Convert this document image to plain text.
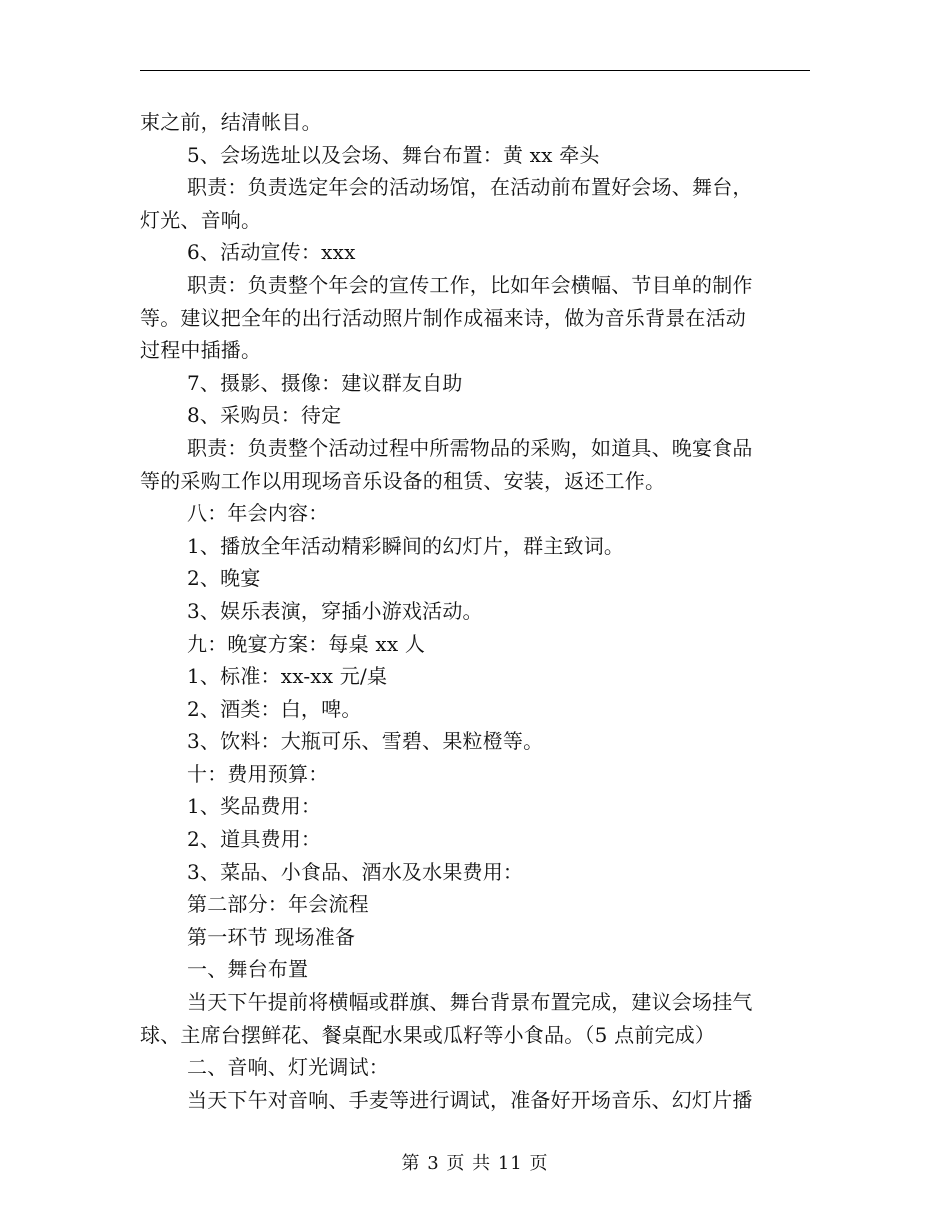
束之前，结清帐目。
5、会场选址以及会场、舞台布置：黄 xx 牵头
职责：负责选定年会的活动场馆，在活动前布置好会场、舞台，
灯光、音响。
6、活动宣传：xxx
职责：负责整个年会的宣传工作，比如年会横幅、节目单的制作
等。建议把全年的出行活动照片制作成福来诗，做为音乐背景在活动
过程中插播。
7、摄影、摄像：建议群友自助
8、采购员：待定
职责：负责整个活动过程中所需物品的采购，如道具、晚宴食品
等的采购工作以用现场音乐设备的租赁、安装，返还工作。
八：年会内容：
1、播放全年活动精彩瞬间的幻灯片，群主致词。
2、晚宴
3、娱乐表演，穿插小游戏活动。
九：晚宴方案：每桌 xx 人
1、标准：xx-xx 元/桌
2、酒类：白，啤。
3、饮料：大瓶可乐、雪碧、果粒橙等。
十：费用预算：
1、奖品费用：
2、道具费用：
3、菜品、小食品、酒水及水果费用：
第二部分：年会流程
第一环节 现场准备
一、舞台布置
当天下午提前将横幅或群旗、舞台背景布置完成，建议会场挂气
球、主席台摆鲜花、餐桌配水果或瓜籽等小食品。（5 点前完成）
二、音响、灯光调试：
当天下午对音响、手麦等进行调试，准备好开场音乐、幻灯片播
第 3 页 共 11 页
